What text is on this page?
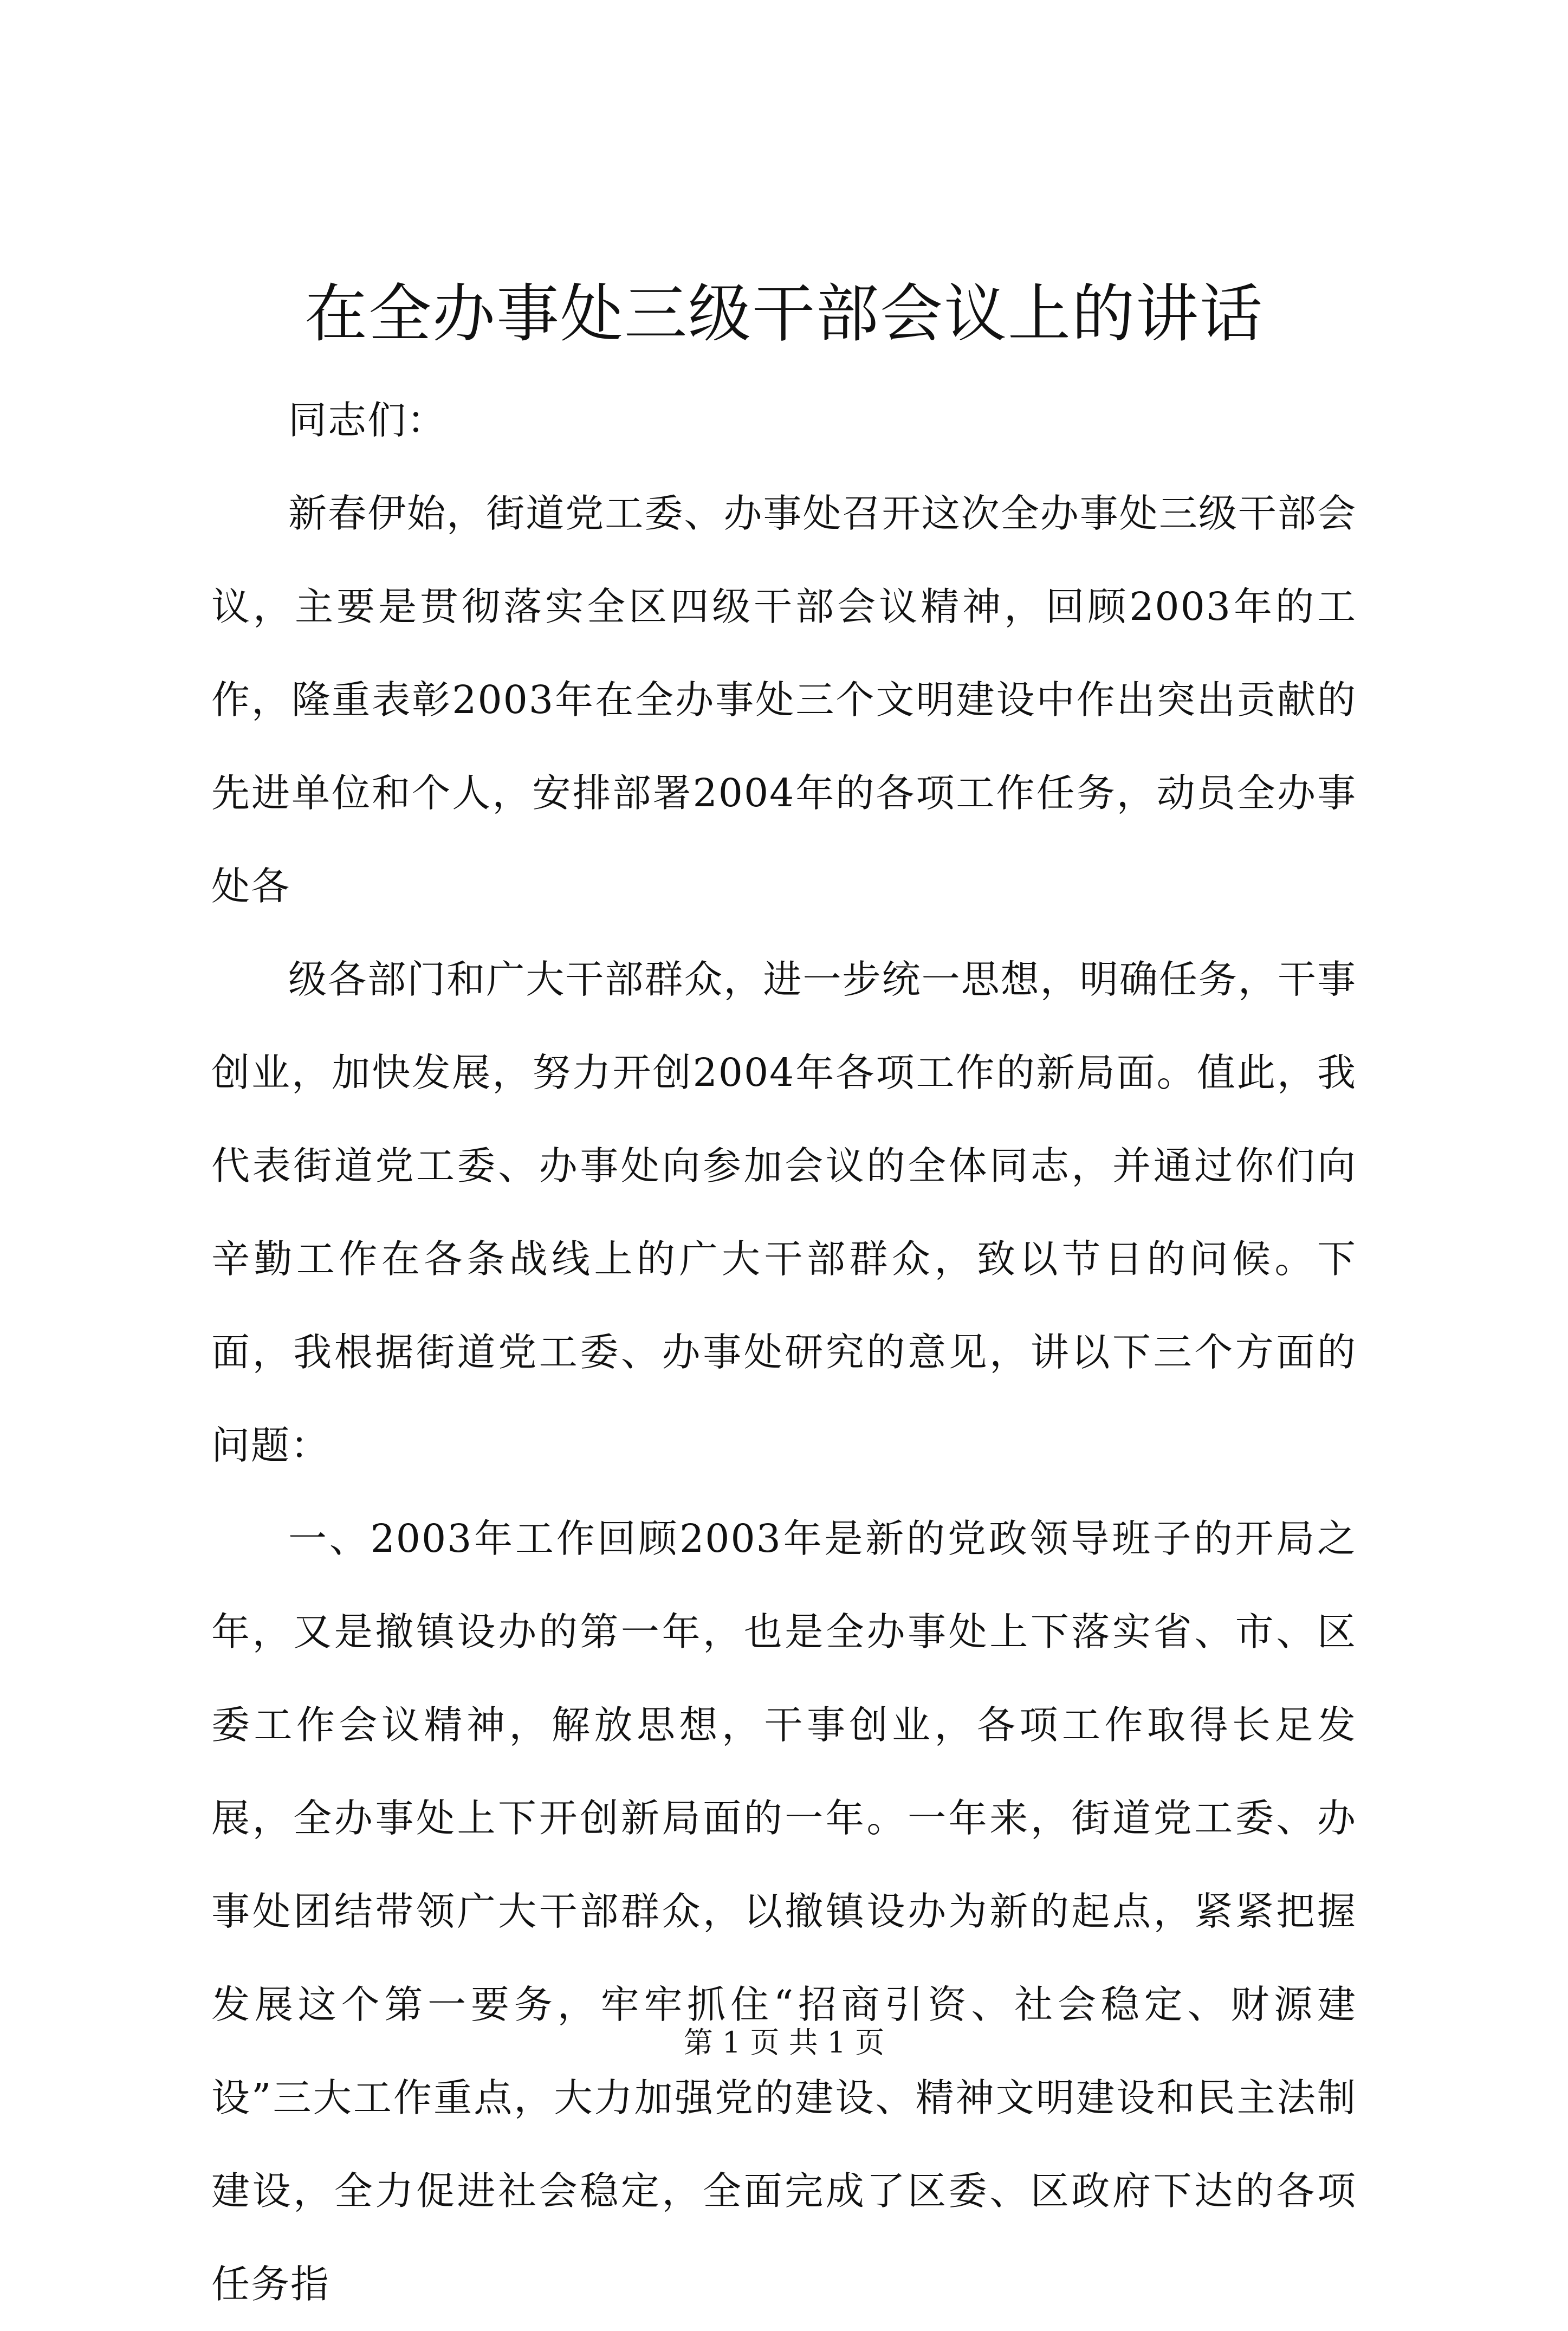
在全办事处三级干部会议上的讲话

同志们：

新春伊始，街道党工委、办事处召开这次全办事处三级干部会议，主要是贯彻落实全区四级干部会议精神，回顾2003年的工作，隆重表彰2003年在全办事处三个文明建设中作出突出贡献的先进单位和个人，安排部署2004年的各项工作任务，动员全办事处各

级各部门和广大干部群众，进一步统一思想，明确任务，干事创业，加快发展，努力开创2004年各项工作的新局面。值此，我代表街道党工委、办事处向参加会议的全体同志，并通过你们向辛勤工作在各条战线上的广大干部群众，致以节日的问候。下面，我根据街道党工委、办事处研究的意见，讲以下三个方面的问题：

一、2003年工作回顾2003年是新的党政领导班子的开局之年，又是撤镇设办的第一年，也是全办事处上下落实省、市、区委工作会议精神，解放思想，干事创业，各项工作取得长足发展，全办事处上下开创新局面的一年。一年来，街道党工委、办事处团结带领广大干部群众，以撤镇设办为新的起点，紧紧把握发展这个第一要务，牢牢抓住“招商引资、社会稳定、财源建设”三大工作重点，大力加强党的建设、精神文明建设和民主法制建设，全力促进社会稳定，全面完成了区委、区政府下达的各项任务指

第 1 页 共 1 页
